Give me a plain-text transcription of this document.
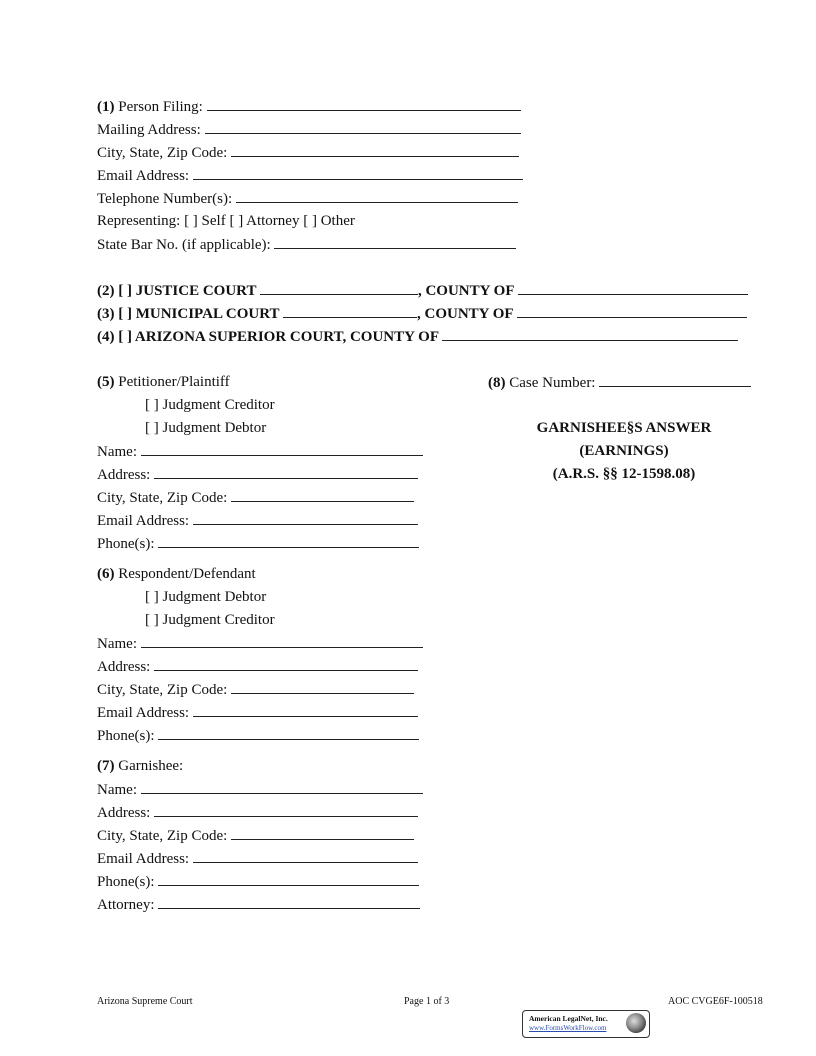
(1) Person Filing:
Mailing Address:
City, State, Zip Code:
Email Address:
Telephone Number(s):
Representing: [ ] Self [ ] Attorney [ ] Other
State Bar No. (if applicable):
(2) [ ] JUSTICE COURT	, COUNTY OF
(3) [ ] MUNICIPAL COURT	, COUNTY OF
(4) [ ] ARIZONA SUPERIOR COURT, COUNTY OF
(5) Petitioner/Plaintiff
[ ] Judgment Creditor
[ ] Judgment Debtor
Name:
Address:
City, State, Zip Code:
Email Address:
Phone(s):
(6) Respondent/Defendant
[ ] Judgment Debtor
[ ] Judgment Creditor
Name:
Address:
City, State, Zip Code:
Email Address:
Phone(s):
(7) Garnishee:
Name:
Address:
City, State, Zip Code:
Email Address:
Phone(s):
Attorney:
(8) Case Number:
GARNISHEE§S ANSWER
(EARNINGS)
(A.R.S. §§ 12-1598.08)
Arizona Supreme Court	Page 1 of 3	AOC CVGE6F-100518
American LegalNet, Inc.
www.FormsWorkFlow.com
